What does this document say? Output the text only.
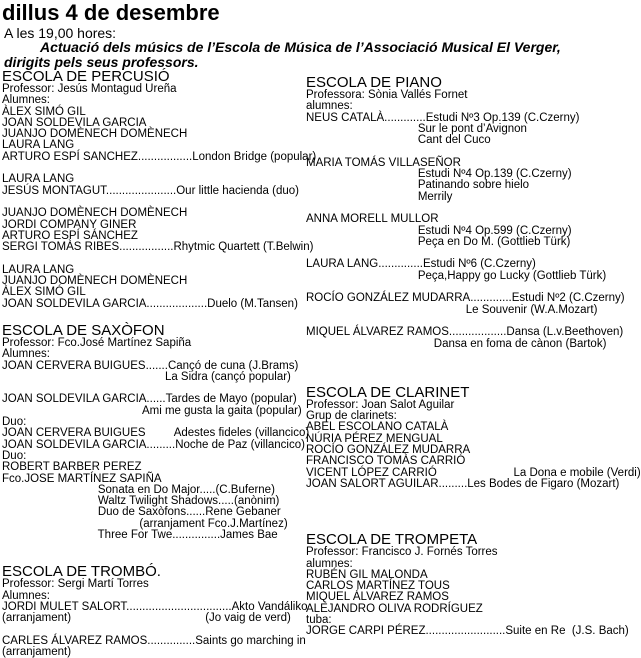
dillus 4 de desembre
A les 19,00 hores:
Actuació dels músics de l’Escola de Música de l’Associació Musical El Verger, dirigits pels seus professors.
ESCOLA DE PERCUSIÓ
Professor: Jesús Montagud Ureña
Alumnes:
ÀLEX SIMÓ GIL
JOAN SOLDEVILA GARCIA
JUANJO DOMÈNECH DOMÈNECH
LAURA LANG
ARTURO ESPÍ SANCHEZ.................London Bridge (popular)
LAURA LANG
JESÚS MONTAGUT......................Our little hacienda (duo)
JUANJO DOMÈNECH DOMÈNECH
JORDI COMPANY GINER
ARTURO ESPÍ SÁNCHEZ
SERGI TOMÀS RIBES.................Rhytmic Quartett (T.Belwin)
LAURA LANG
JUANJO DOMÈNECH DOMÈNECH
ÀLEX SIMÓ GIL
JOAN SOLDEVILA GARCIA...................Duelo (M.Tansen)
ESCOLA DE SAXÒFON
Professor: Fco.José Martínez Sapiña
Alumnes:
JOAN CERVERA BUIGUES.......Cançó de cuna (J.Brams)
La Sidra (cançó popular)
JOAN SOLDEVILA GARCIA......Tardes de Mayo (popular)
Ami me gusta la gaita (popular)
Duo:
JOAN CERVERA BUIGUES         Adestes fideles (villancico)
JOAN SOLDEVILA GARCIA.........Noche de Paz (villancico)
Duo:
ROBERT BARBER PEREZ
Fco.JOSE MARTÍNEZ SAPIÑA
Sonata en Do Major.....(C.Buferne)
Waltz Twilight Shadows.....(anònim)
Duo de Saxòfons......Rene Gebaner
(arranjament Fco.J.Martínez)
Three For Twe...............James Bae
ESCOLA DE TROMBÓ.
Professor: Sergi Martí Torres
Alumnes:
JORDI MULET SALORT.................................Akto Vandáliko
(arranjament)                                          (Jo vaig de verd)
CARLES ÁLVAREZ RAMOS...............Saints go marching in
(arranjament)
ESCOLA DE PIANO
Professora: Sònia Vallés Fornet
alumnes:
NEUS CATALÀ.............Estudi Nº3 Op.139 (C.Czerny)
Sur le pont d’Avignon
Cant del Cuco
MARIA TOMÁS VILLASEÑOR
Estudi Nº4 Op.139 (C.Czerny)
Patinando sobre hielo
Merrily
ANNA MORELL MULLOR
Estudi Nº4 Op.599 (C.Czerny)
Peça en Do M. (Gottlieb Türk)
LAURA LANG..............Estudi Nº6 (C.Czerny)
Peça,Happy go Lucky (Gottlieb Türk)
ROCÍO GONZÁLEZ MUDARRA.............Estudi Nº2 (C.Czerny)
Le Souvenir (W.A.Mozart)
MIQUEL ÁLVAREZ RAMOS..................Dansa (L.v.Beethoven)
Dansa en foma de cànon (Bartok)
ESCOLA DE CLARINET
Professor: Joan Salot Aguilar
Grup de clarinets:
ABEL ESCOLANO CATALÀ
NÚRIA PÉREZ MENGUAL
ROCÍO GONZÁLEZ MUDARRA
FRANCISCO TOMÀS CARRIÓ
VICENT LÓPEZ CARRIÓ                        La Dona e mobile (Verdi)
JOAN SALORT AGUILAR.........Les Bodes de Figaro (Mozart)
ESCOLA DE TROMPETA
Professor: Francisco J. Fornés Torres
alumnes:
RUBÉN GIL MALONDA
CARLOS MARTÍNEZ TOUS
MIQUEL ÁLVAREZ RAMOS
ALEJANDRO OLIVA RODRÍGUEZ
tuba:
JORGE CARPI PÉREZ.........................Suite en Re  (J.S. Bach)
